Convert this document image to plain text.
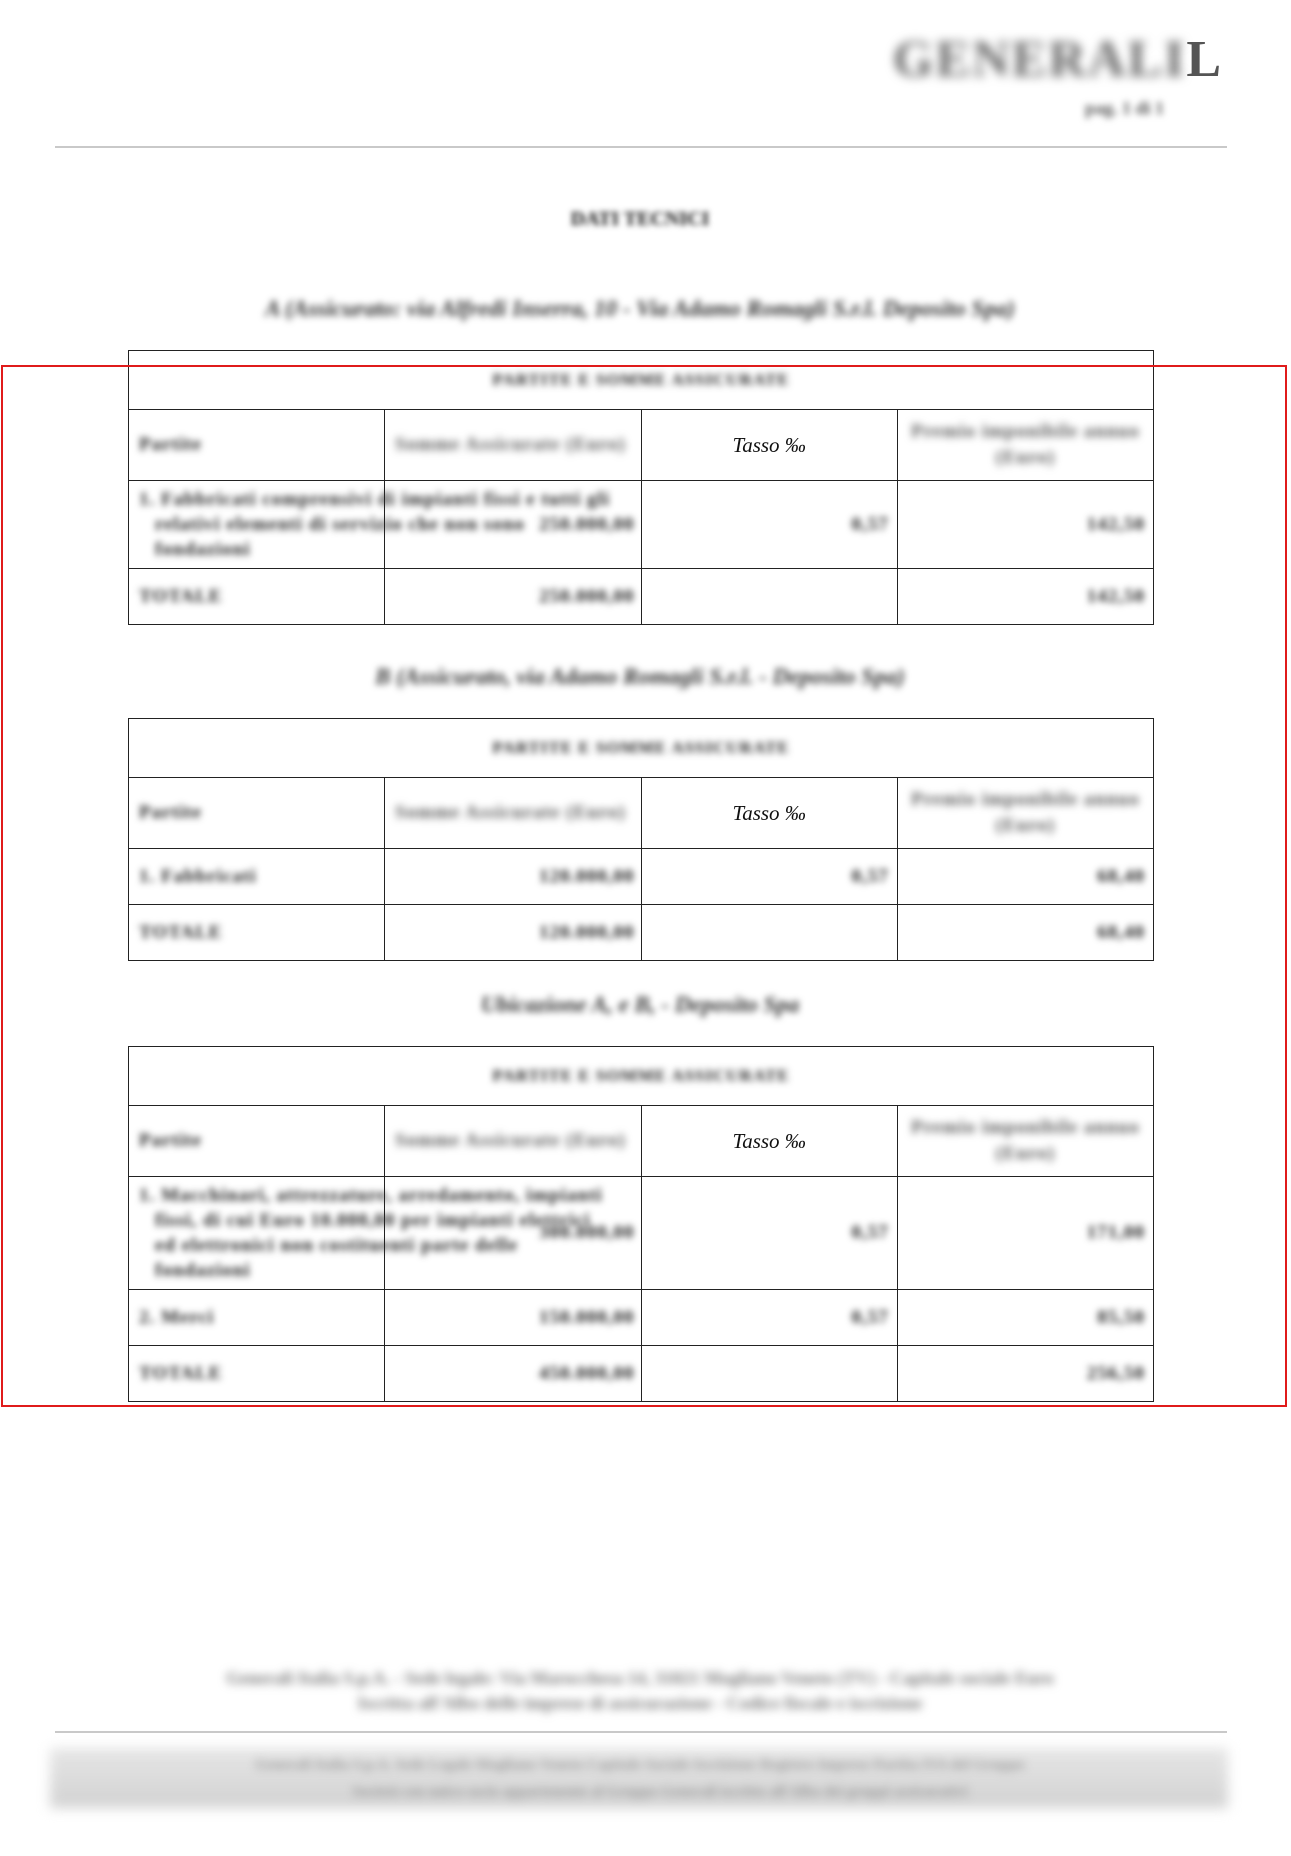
GENERALIL
pag. 1 di 1
DATI TECNICI
A (Assicurato: via Alfredi Inserra, 10 - Via Adamo Romagli S.r.l. Deposito Spa)
PARTITE E SOMME ASSICURATE			
Partite	Somme Assicurate (Euro)	Tasso ‰	Premio imponibile annuo (Euro)

1. Fabbricati comprensivi di impianti fissi e tutti gli
relativi elementi di servizio che non sono
fondazioni	250.000,00	0,57	142,50
TOTALE	250.000,00		142,50
B (Assicurato, via Adamo Romagli S.r.l. - Deposito Spa)
PARTITE E SOMME ASSICURATE			
Partite	Somme Assicurate (Euro)	Tasso ‰	Premio imponibile annuo (Euro)
1. Fabbricati	120.000,00	0,57	68,40
TOTALE	120.000,00		68,40
Ubicazione A, e B, - Deposito Spa
PARTITE E SOMME ASSICURATE			
Partite	Somme Assicurate (Euro)	Tasso ‰	Premio imponibile annuo (Euro)

1. Macchinari, attrezzature, arredamento, impianti
fissi, di cui Euro 10.000,00 per impianti elettrici
ed elettronici non costituenti parte delle
fondazioni	300.000,00	0,57	171,00
2. Merci	150.000,00	0,57	85,50
TOTALE	450.000,00		256,50
Generali Italia S.p.A. - Sede legale: Via Marocchesa 14, 31021 Mogliano Veneto (TV) - Capitale sociale Euro
Iscritta all'Albo delle imprese di assicurazione - Codice fiscale e iscrizione
Generali Italia S.p.A. Sede Legale Mogliano Veneto Capitale Sociale Iscrizione Registro Imprese Partita IVA del Gruppo
Società con unico socio appartenente al Gruppo Generali iscritto all'Albo dei gruppi assicurativi
